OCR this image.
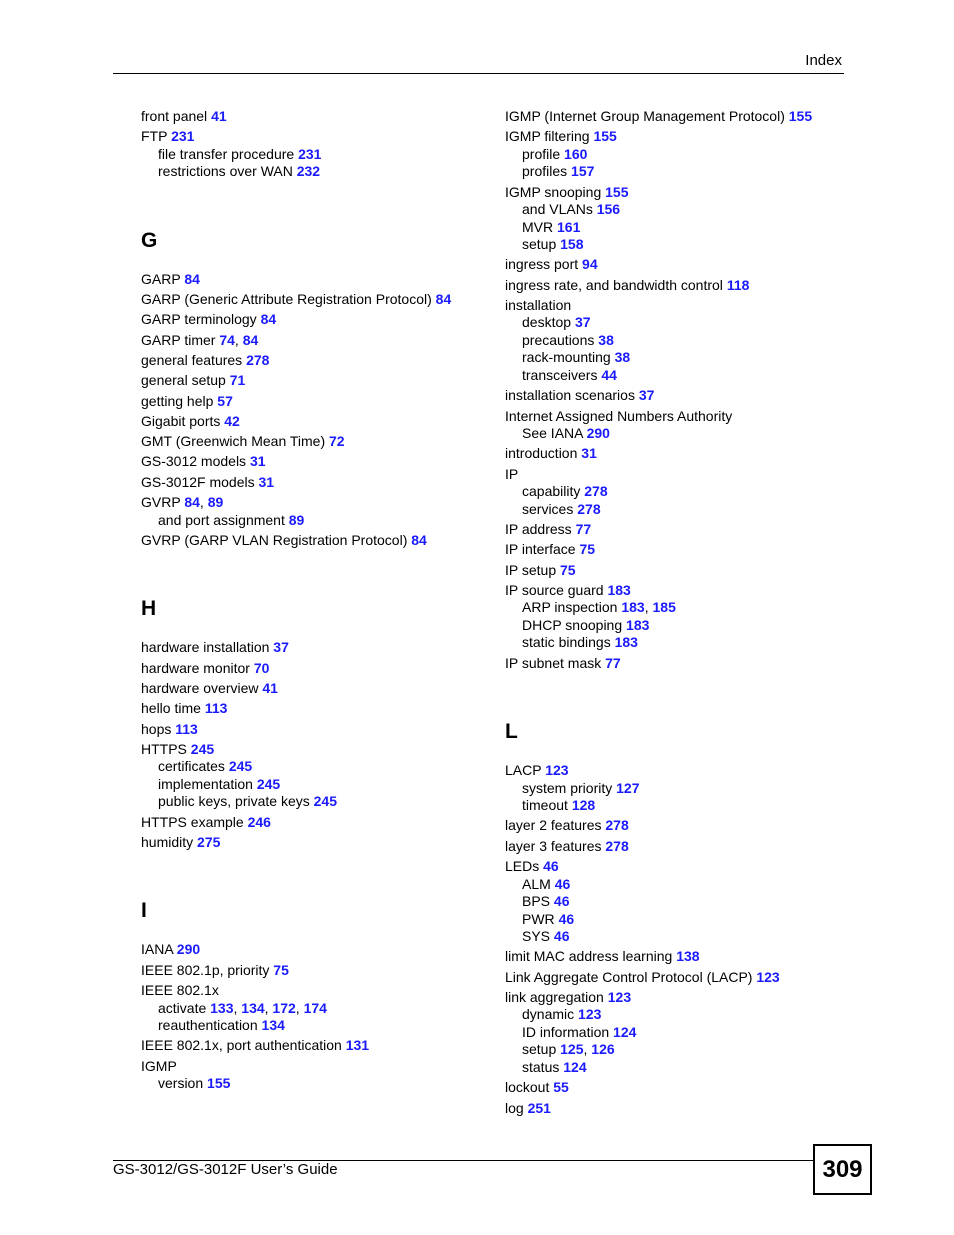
Index
front panel 41
FTP 231
file transfer procedure 231
restrictions over WAN 232
G
GARP 84
GARP (Generic Attribute Registration Protocol) 84
GARP terminology 84
GARP timer 74, 84
general features 278
general setup 71
getting help 57
Gigabit ports 42
GMT (Greenwich Mean Time) 72
GS-3012 models 31
GS-3012F models 31
GVRP 84, 89
and port assignment 89
GVRP (GARP VLAN Registration Protocol) 84
H
hardware installation 37
hardware monitor 70
hardware overview 41
hello time 113
hops 113
HTTPS 245
certificates 245
implementation 245
public keys, private keys 245
HTTPS example 246
humidity 275
I
IANA 290
IEEE 802.1p, priority 75
IEEE 802.1x
activate 133, 134, 172, 174
reauthentication 134
IEEE 802.1x, port authentication 131
IGMP
version 155
IGMP (Internet Group Management Protocol) 155
IGMP filtering 155
profile 160
profiles 157
IGMP snooping 155
and VLANs 156
MVR 161
setup 158
ingress port 94
ingress rate, and bandwidth control 118
installation
desktop 37
precautions 38
rack-mounting 38
transceivers 44
installation scenarios 37
Internet Assigned Numbers Authority
See IANA 290
introduction 31
IP
capability 278
services 278
IP address 77
IP interface 75
IP setup 75
IP source guard 183
ARP inspection 183, 185
DHCP snooping 183
static bindings 183
IP subnet mask 77
L
LACP 123
system priority 127
timeout 128
layer 2 features 278
layer 3 features 278
LEDs 46
ALM 46
BPS 46
PWR 46
SYS 46
limit MAC address learning 138
Link Aggregate Control Protocol (LACP) 123
link aggregation 123
dynamic 123
ID information 124
setup 125, 126
status 124
lockout 55
log 251
GS-3012/GS-3012F User’s Guide	309
